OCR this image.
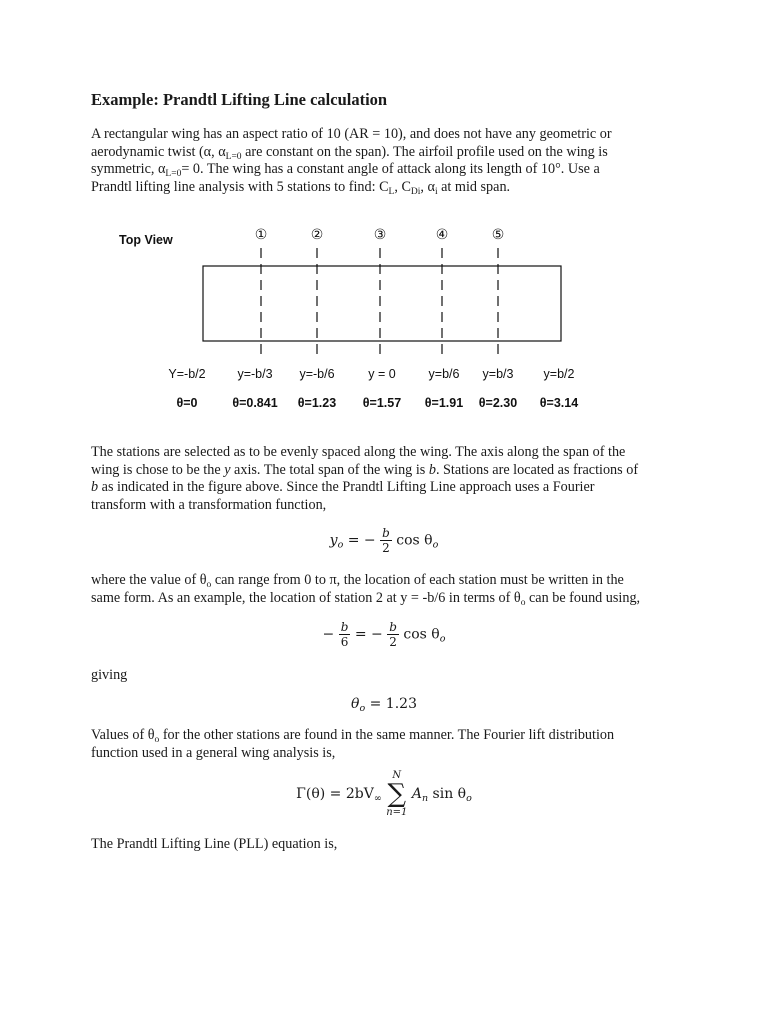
Example: Prandtl Lifting Line calculation

A rectangular wing has an aspect ratio of 10 (AR = 10), and does not have any geometric or
aerodynamic twist (α, $\alpha_{L=0}$ are constant on the span). The airfoil profile used on the wing is
symmetric, $\alpha_{L=0}= 0$. The wing has a constant angle of attack along its length of 10°. Use a
Prandtl lifting line analysis with 5 stations to find: $C_L$, $C_{Di}$, $\alpha_i$ at mid span.

Top View	①	②	③	④	⑤
Y=-b/2	y=-b/3 y=-b/6	y = 0	y=b/6 y=b/3 y=b/2
θ=0	θ=0.841 θ=1.23 θ=1.57 θ=1.91 θ=2.30 θ=3.14

The stations are selected as to be evenly spaced along the wing. The axis along the span of the
wing is chose to be the y axis. The total span of the wing is b. Stations are located as fractions of
b as indicated in the figure above. Since the Prandtl Lifting Line approach uses a Fourier
transform with a transformation function,

$y_o$ = − $\frac{b}{2}$ $\cos \theta_o$

where the value of $\theta_o$ can range from 0 to π, the location of each station must be written in the
same form. As an example, the location of station 2 at y = -b/6 in terms of $\theta_o$ can be found using,

− $\frac{b}{6}$ = − $\frac{b}{2}$ $\cos \theta_o$

giving

$\theta_o = 1.23$

Values of $\theta_o$ for the other stations are found in the same manner. The Fourier lift distribution
function used in a general wing analysis is,

$\Gamma(\theta) = 2bV_\infty$ N
∑
n=1 $A_n$ $\sin \theta_o$

The Prandtl Lifting Line (PLL) equation is,
